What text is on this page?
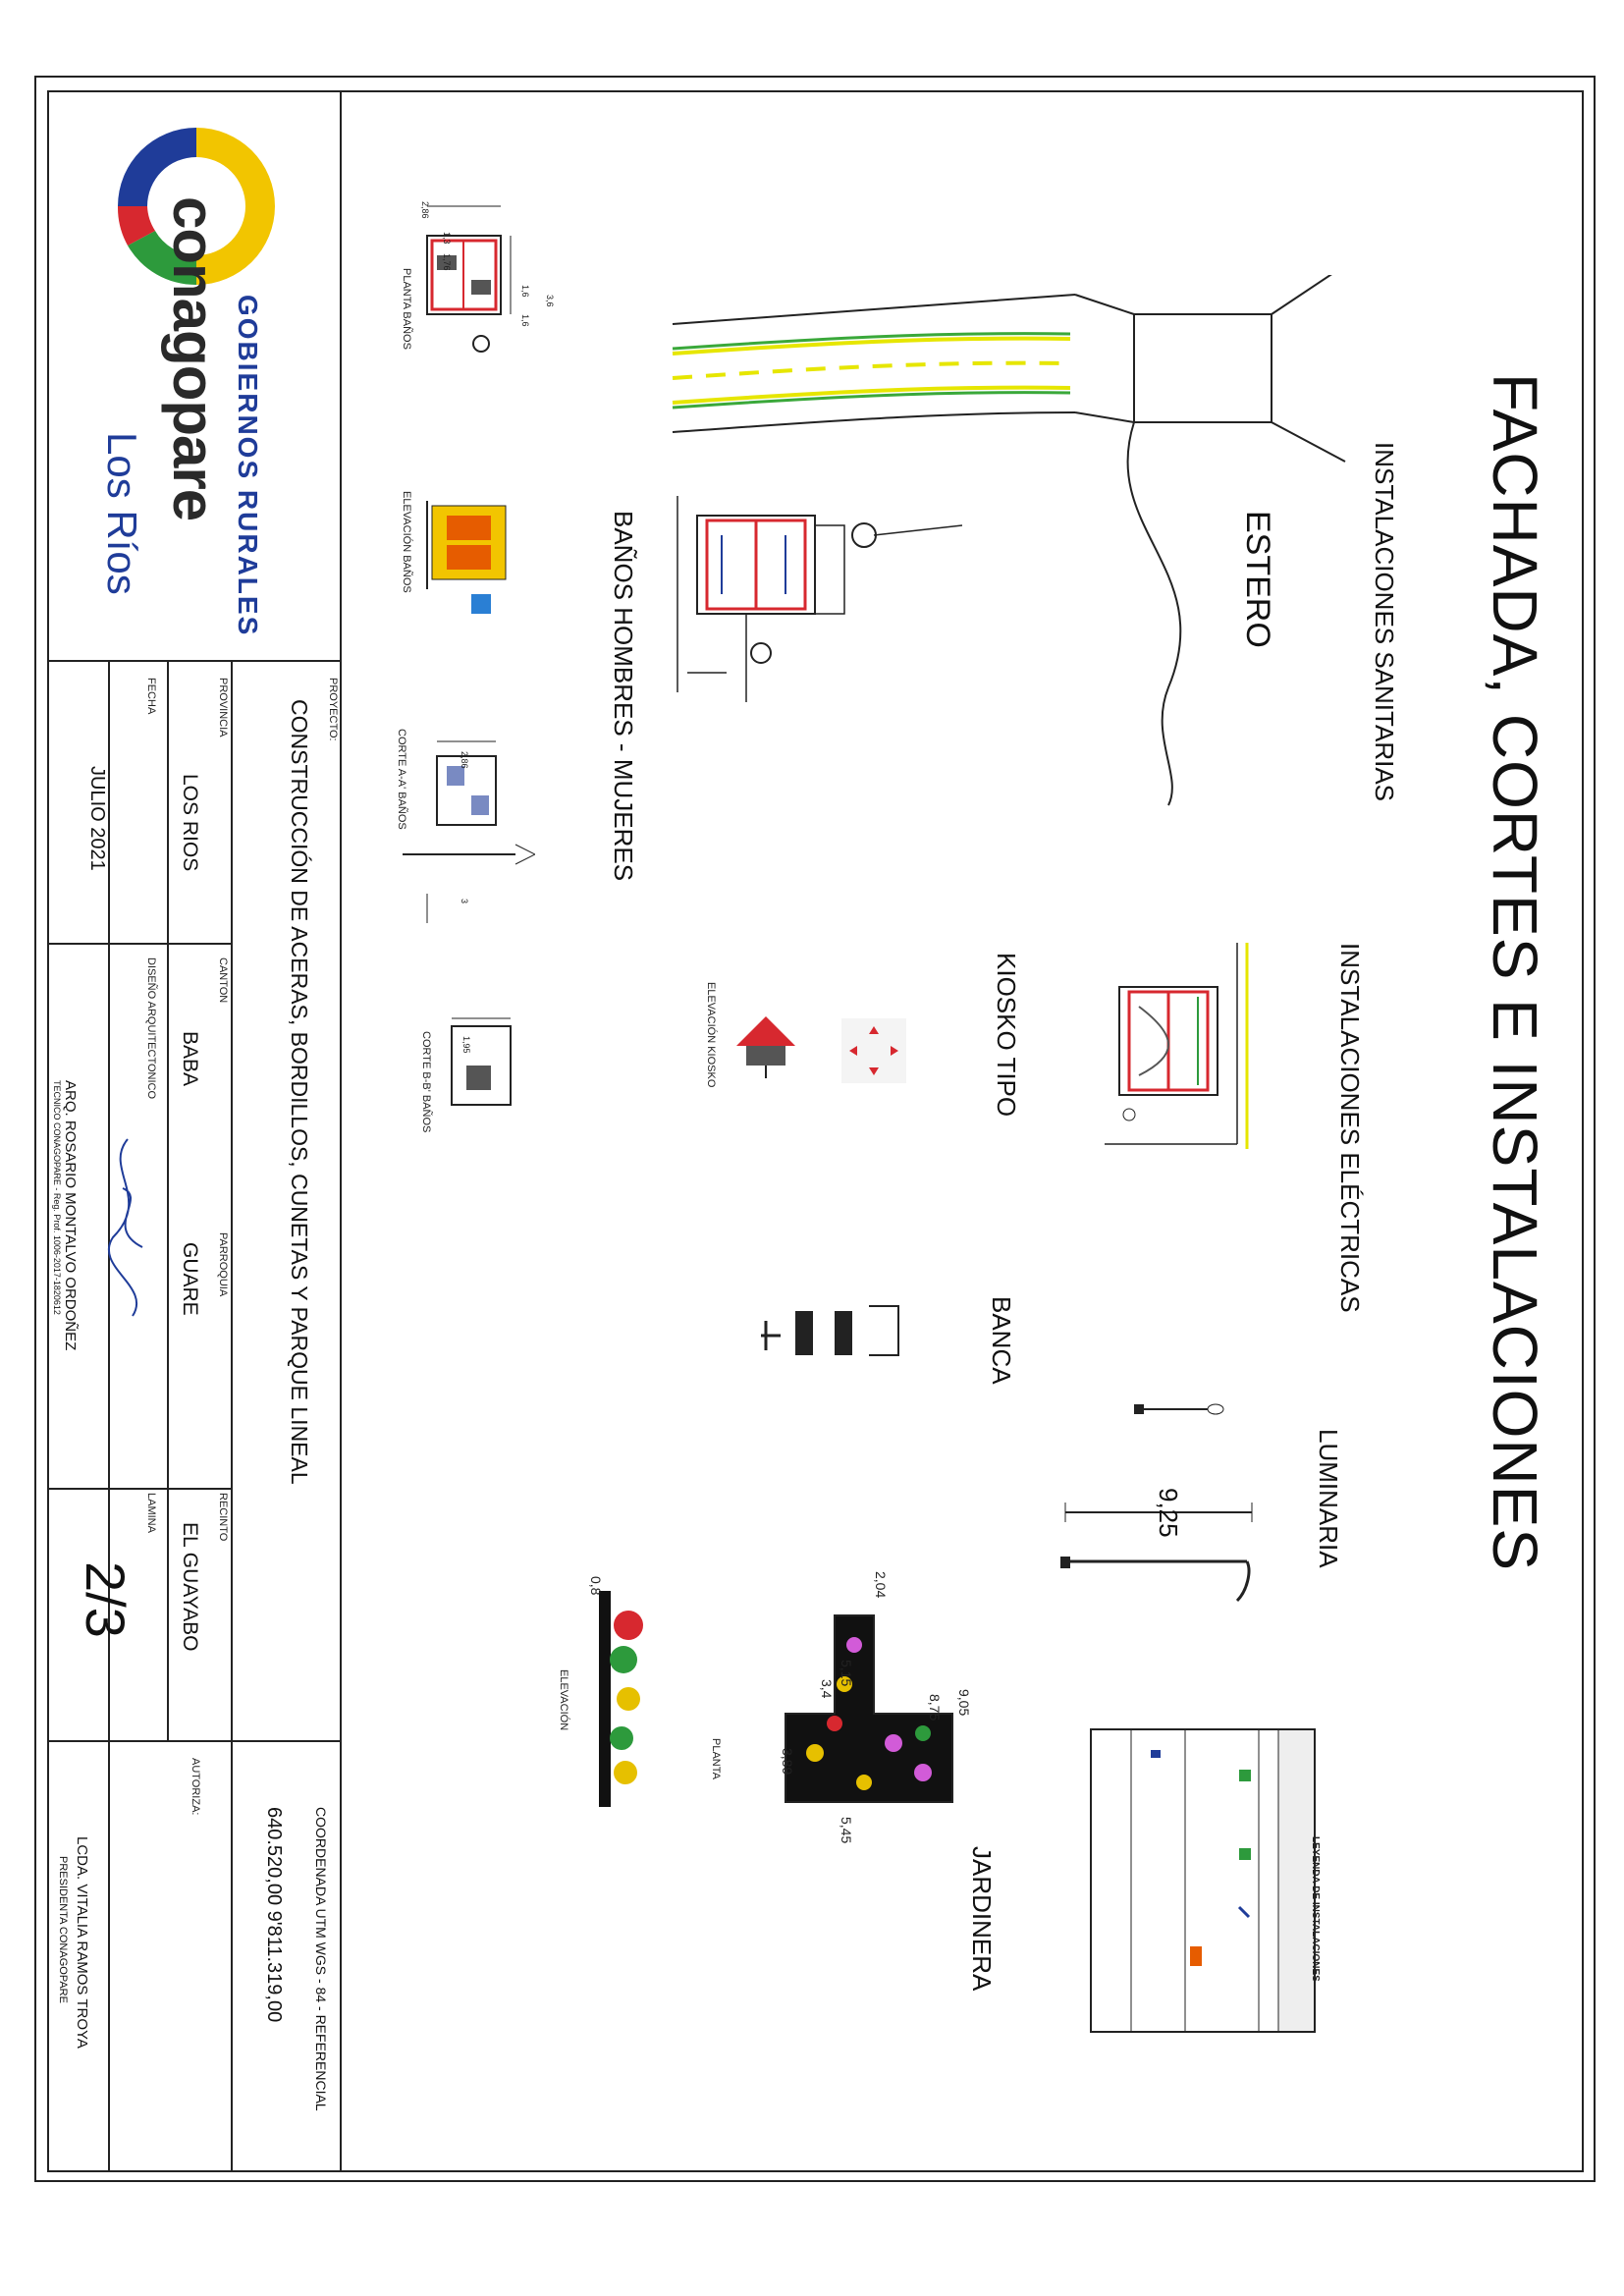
conagopare GOBIERNOS RURALES
Los Ríos
PROYECTO:
CONSTRUCCIÓN DE ACERAS, BORDILLOS, CUNETAS Y PARQUE LINEAL
PROVINCIA
LOS RIOS
CANTON
BABA
PARROQUIA
GUARE
RECINTO
EL GUAYABO
FECHA
JULIO 2021
DISEÑO ARQUITECTONICO
ARQ. ROSARIO MONTALVO ORDOÑEZ
TECNICO CONAGOPARE - Reg. Prof. 1006-2017-1820612
LAMINA
2/3
COORDENADA UTM WGS - 84 - REFERENCIAL
640.520,00 9'811.319,00
AUTORIZA:
LCDA. VITALIA RAMOS TROYA
PRESIDENTA CONAGOPARE
FACHADA, CORTES E INSTALACIONES
INSTALACIONES SANITARIAS
ESTERO
BAÑOS HOMBRES - MUJERES
PLANTA BAÑOS
2,86
1,3
1,76
1,6
1,6
3,6
ELEVACIÓN BAÑOS
CORTE A-A' BAÑOS	2,86
3
CORTE B-B' BAÑOS	1,95	KIOSKO TIPO
ELEVACIÓN KIOSKO	INSTALACIONES ELÉCTRICAS
BANCA
LUMINARIA
9,25
JARDINERA
PLANTA
2,04
9,05
8,75
5,15
3,4
3,89
5,45
0,8
ELEVACIÓN
LEYENDA DE INSTALACIONES
